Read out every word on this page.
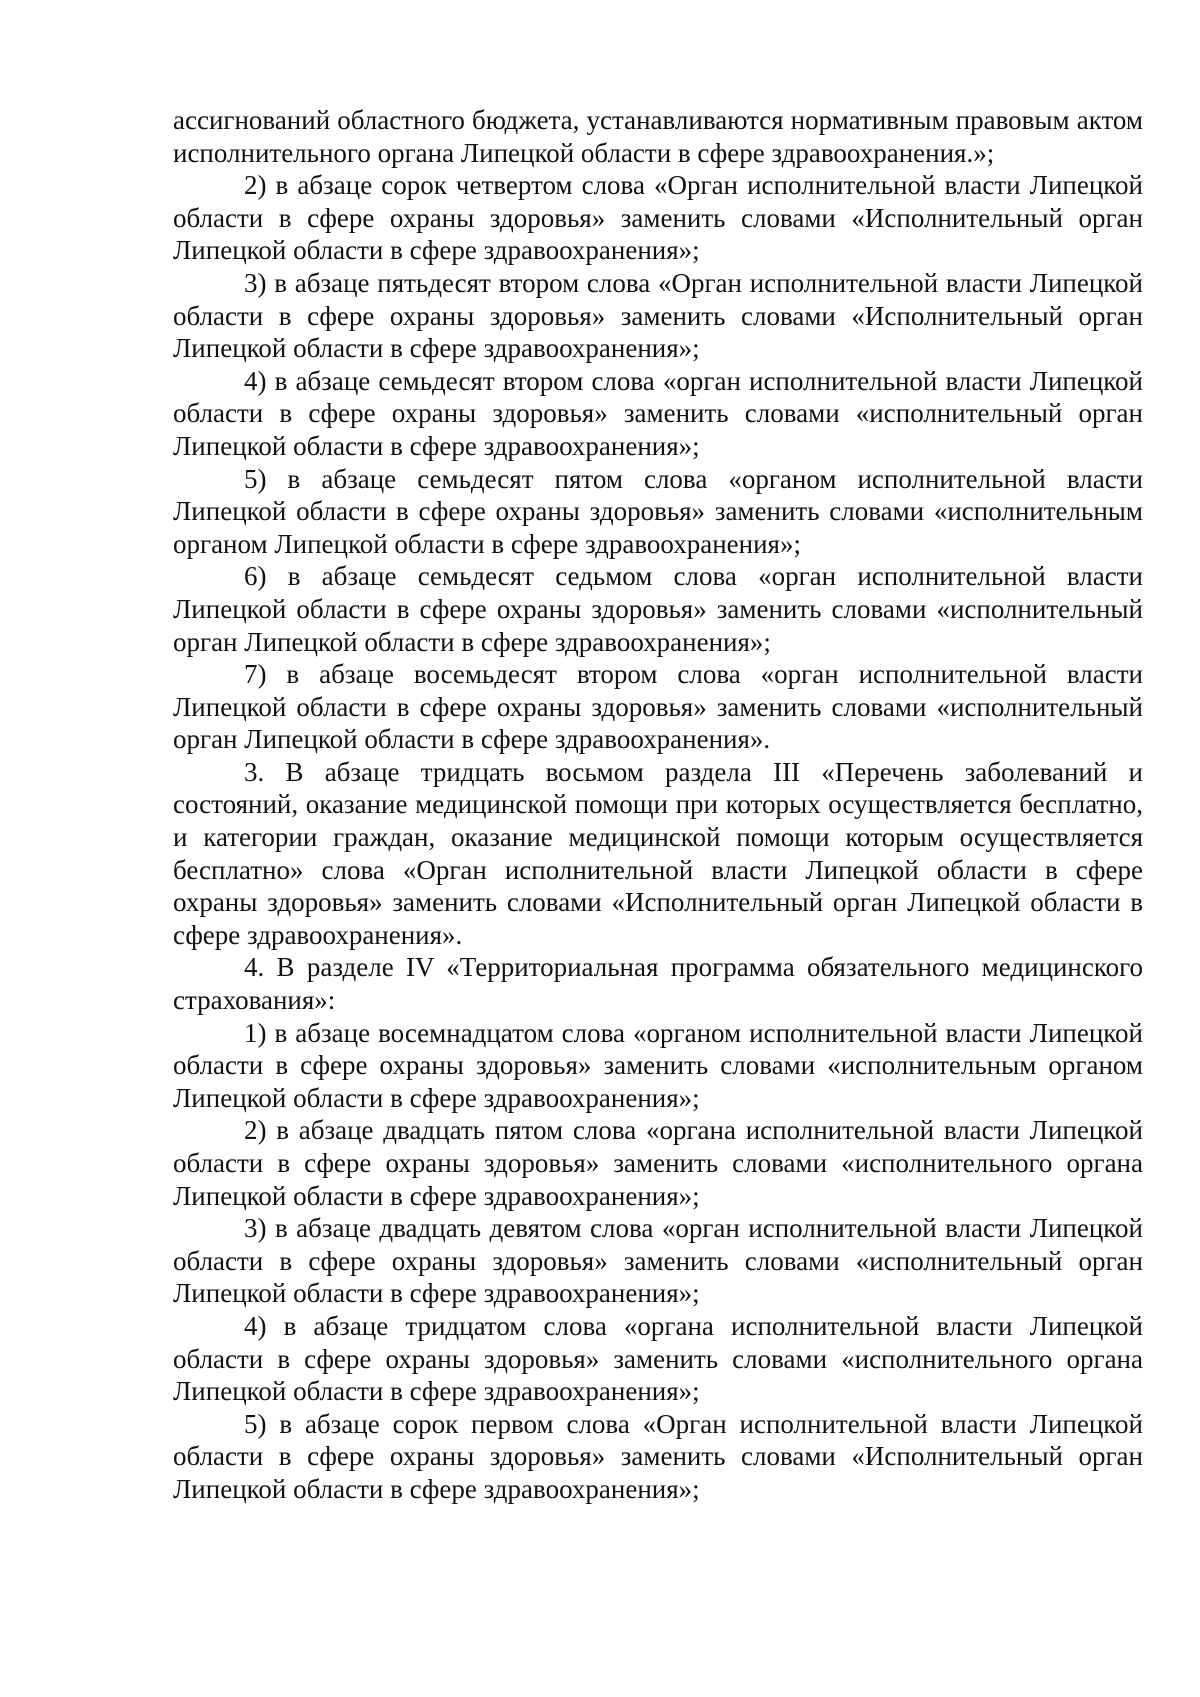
ассигнований областного бюджета, устанавливаются нормативным правовым актом исполнительного органа Липецкой области в сфере здравоохранения.»;

2) в абзаце сорок четвертом слова «Орган исполнительной власти Липецкой области в сфере охраны здоровья» заменить словами «Исполнительный орган Липецкой области в сфере здравоохранения»;

3) в абзаце пятьдесят втором слова «Орган исполнительной власти Липецкой области в сфере охраны здоровья» заменить словами «Исполнительный орган Липецкой области в сфере здравоохранения»;

4) в абзаце семьдесят втором слова «орган исполнительной власти Липецкой области в сфере охраны здоровья» заменить словами «исполнительный орган Липецкой области в сфере здравоохранения»;

5) в абзаце семьдесят пятом слова «органом исполнительной власти Липецкой области в сфере охраны здоровья» заменить словами «исполнительным органом Липецкой области в сфере здравоохранения»;

6) в абзаце семьдесят седьмом слова «орган исполнительной власти Липецкой области в сфере охраны здоровья» заменить словами «исполнительный орган Липецкой области в сфере здравоохранения»;

7) в абзаце восемьдесят втором слова «орган исполнительной власти Липецкой области в сфере охраны здоровья» заменить словами «исполнительный орган Липецкой области в сфере здравоохранения».

3. В абзаце тридцать восьмом раздела III «Перечень заболеваний и состояний, оказание медицинской помощи при которых осуществляется бесплатно, и категории граждан, оказание медицинской помощи которым осуществляется бесплатно» слова «Орган исполнительной власти Липецкой области в сфере охраны здоровья» заменить словами «Исполнительный орган Липецкой области в сфере здравоохранения».

4. В разделе IV «Территориальная программа обязательного медицинского страхования»:

1) в абзаце восемнадцатом слова «органом исполнительной власти Липецкой области в сфере охраны здоровья» заменить словами «исполнительным органом Липецкой области в сфере здравоохранения»;

2) в абзаце двадцать пятом слова «органа исполнительной власти Липецкой области в сфере охраны здоровья» заменить словами «исполнительного органа Липецкой области в сфере здравоохранения»;

3) в абзаце двадцать девятом слова «орган исполнительной власти Липецкой области в сфере охраны здоровья» заменить словами «исполнительный орган Липецкой области в сфере здравоохранения»;

4) в абзаце тридцатом слова «органа исполнительной власти Липецкой области в сфере охраны здоровья» заменить словами «исполнительного органа Липецкой области в сфере здравоохранения»;

5) в абзаце сорок первом слова «Орган исполнительной власти Липецкой области в сфере охраны здоровья» заменить словами «Исполнительный орган Липецкой области в сфере здравоохранения»;
